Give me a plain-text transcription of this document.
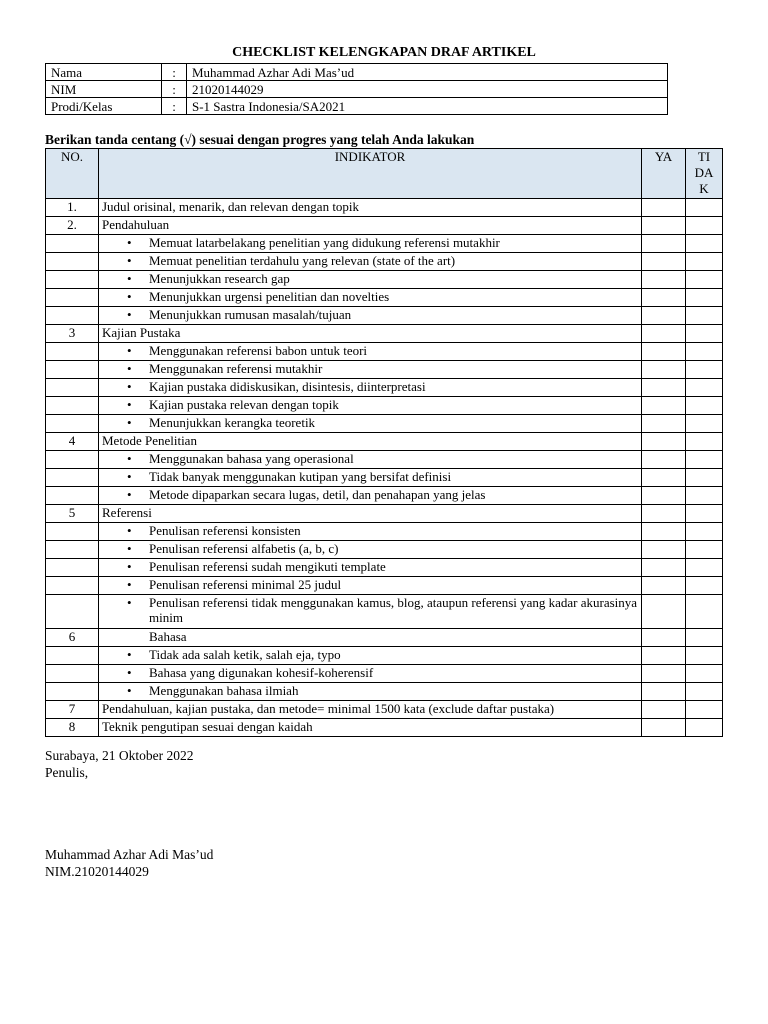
CHECKLIST KELENGKAPAN DRAF ARTIKEL
Nama	:	Muhammad Azhar Adi Mas’ud
NIM	:	21020144029
Prodi/Kelas	:	S-1 Sastra Indonesia/SA2021
Berikan tanda centang (√) sesuai dengan progres yang telah Anda lakukan
NO.	INDIKATOR	YA	TI DA K
1.	Judul orisinal, menarik, dan relevan dengan topik		
2.	Pendahuluan		

	• Memuat latarbelakang penelitian yang didukung referensi mutakhir		

	• Memuat penelitian terdahulu yang relevan (state of the art)		

	• Menunjukkan research gap		

	• Menunjukkan urgensi penelitian dan novelties		

	• Menunjukkan rumusan masalah/tujuan		

3	Kajian Pustaka		

	• Menggunakan referensi babon untuk teori		

	• Menggunakan referensi mutakhir		

	• Kajian pustaka didiskusikan, disintesis, diinterpretasi		

	• Kajian pustaka relevan dengan topik		

	• Menunjukkan kerangka teoretik		

4	Metode Penelitian		

	• Menggunakan bahasa yang operasional		

	• Tidak banyak menggunakan kutipan yang bersifat definisi		

	• Metode dipaparkan secara lugas, detil, dan penahapan yang jelas		

5	Referensi		

	• Penulisan referensi konsisten		

	• Penulisan referensi alfabetis (a, b, c)		

	• Penulisan referensi sudah mengikuti template		

	• Penulisan referensi minimal 25 judul		

	• Penulisan referensi tidak menggunakan kamus, blog, ataupun referensi yang kadar akurasinya minim		

6	Bahasa		

	• Tidak ada salah ketik, salah eja, typo		

	• Bahasa yang digunakan kohesif-koherensif		

	• Menggunakan bahasa ilmiah		

7	Pendahuluan, kajian pustaka, dan metode= minimal 1500 kata (exclude daftar pustaka)		
8	Teknik pengutipan sesuai dengan kaidah		
Surabaya, 21 Oktober 2022
Penulis,
Muhammad Azhar Adi Mas’ud
NIM.21020144029
